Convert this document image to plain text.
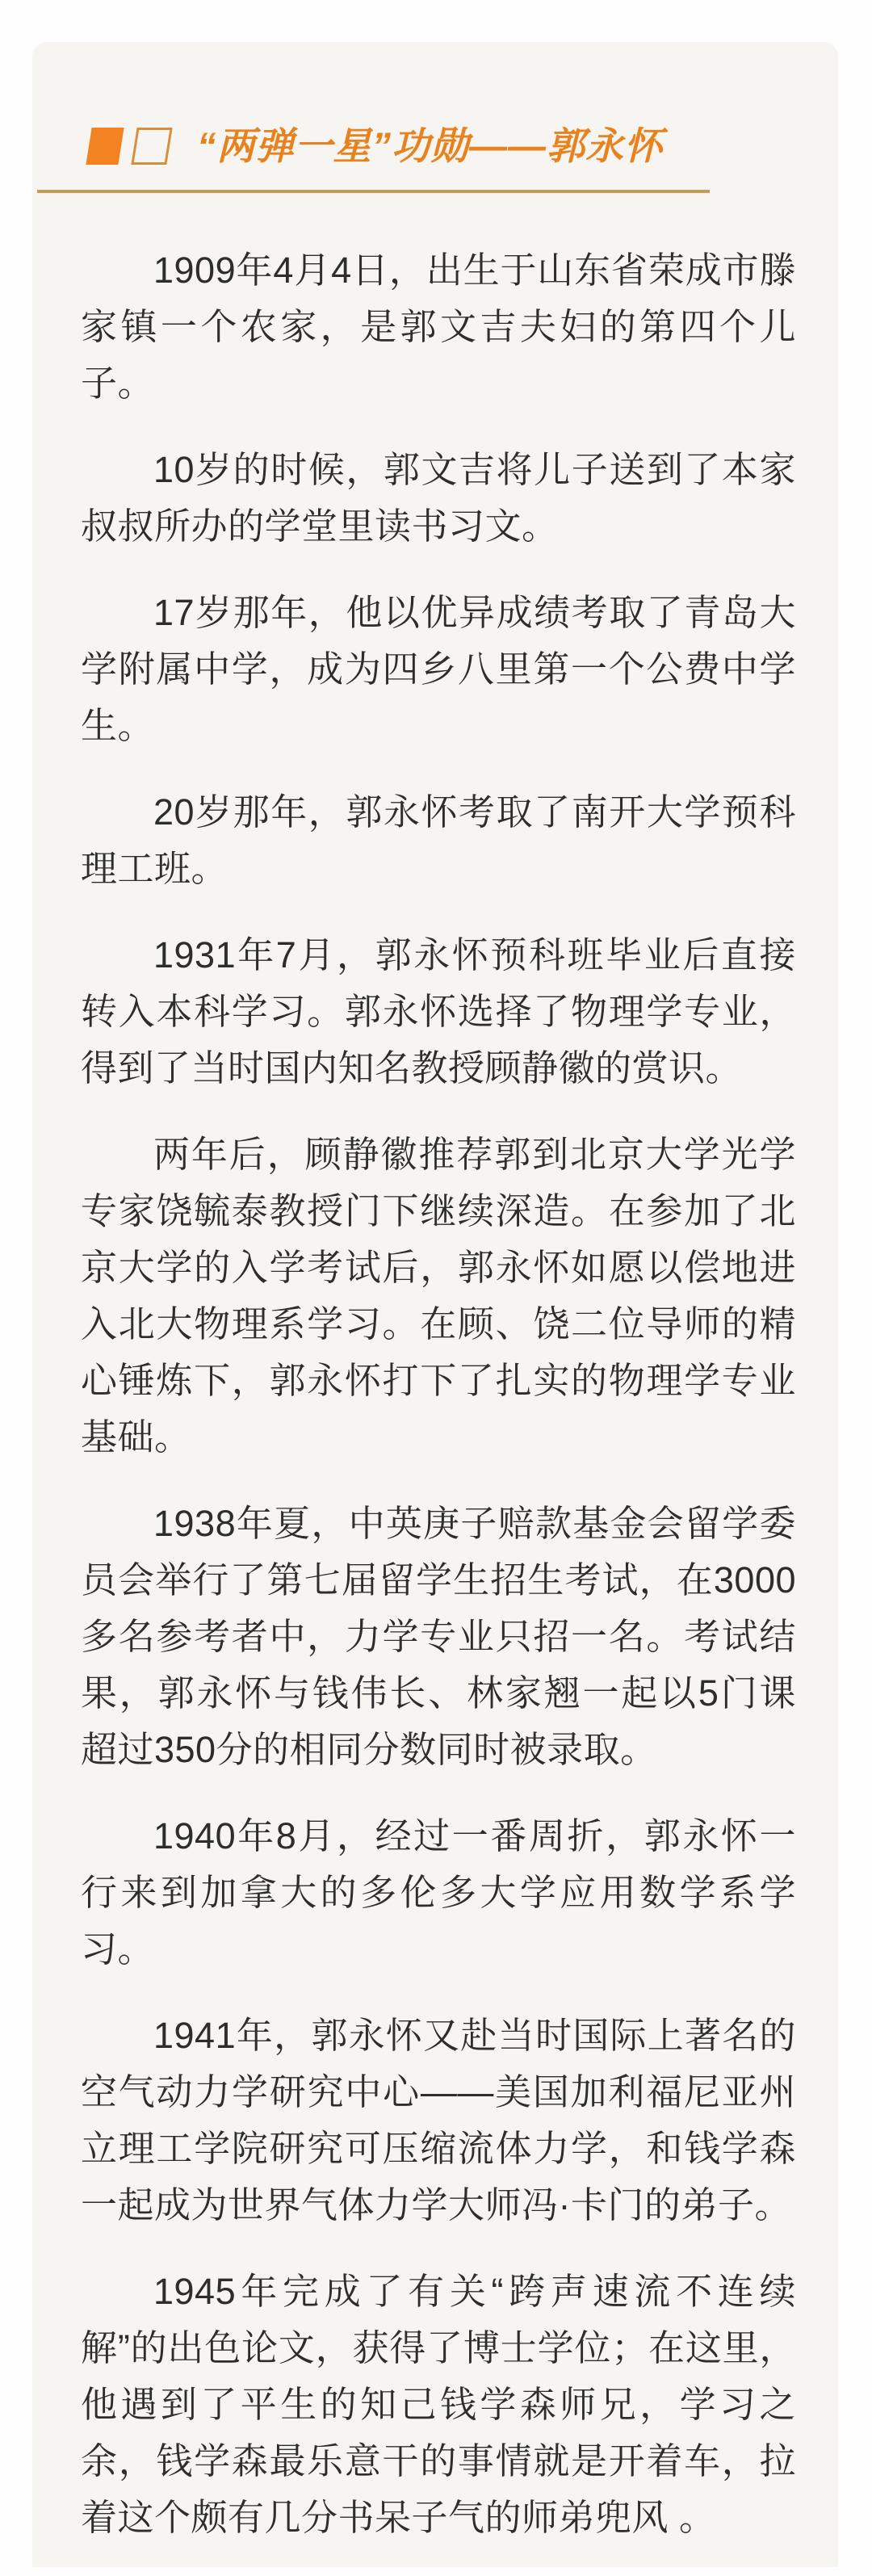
“两弹一星”功勋——郭永怀

1909年4月4日，出生于山东省荣成市滕家镇一个农家，是郭文吉夫妇的第四个儿子。

10岁的时候，郭文吉将儿子送到了本家叔叔所办的学堂里读书习文。

17岁那年，他以优异成绩考取了青岛大学附属中学，成为四乡八里第一个公费中学生。

20岁那年，郭永怀考取了南开大学预科理工班。

1931年7月，郭永怀预科班毕业后直接转入本科学习。郭永怀选择了物理学专业，得到了当时国内知名教授顾静徽的赏识。

两年后，顾静徽推荐郭到北京大学光学专家饶毓泰教授门下继续深造。在参加了北京大学的入学考试后，郭永怀如愿以偿地进入北大物理系学习。在顾、饶二位导师的精心锤炼下，郭永怀打下了扎实的物理学专业基础。

1938年夏，中英庚子赔款基金会留学委员会举行了第七届留学生招生考试，在3000多名参考者中，力学专业只招一名。考试结果，郭永怀与钱伟长、林家翘一起以5门课超过350分的相同分数同时被录取。

1940年8月，经过一番周折，郭永怀一行来到加拿大的多伦多大学应用数学系学习。

1941年，郭永怀又赴当时国际上著名的空气动力学研究中心——美国加利福尼亚州立理工学院研究可压缩流体力学，和钱学森一起成为世界气体力学大师冯·卡门的弟子。

1945年完成了有关“跨声速流不连续解”的出色论文，获得了博士学位；在这里，他遇到了平生的知己钱学森师兄，学习之余，钱学森最乐意干的事情就是开着车，拉着这个颇有几分书呆子气的师弟兜风 。
